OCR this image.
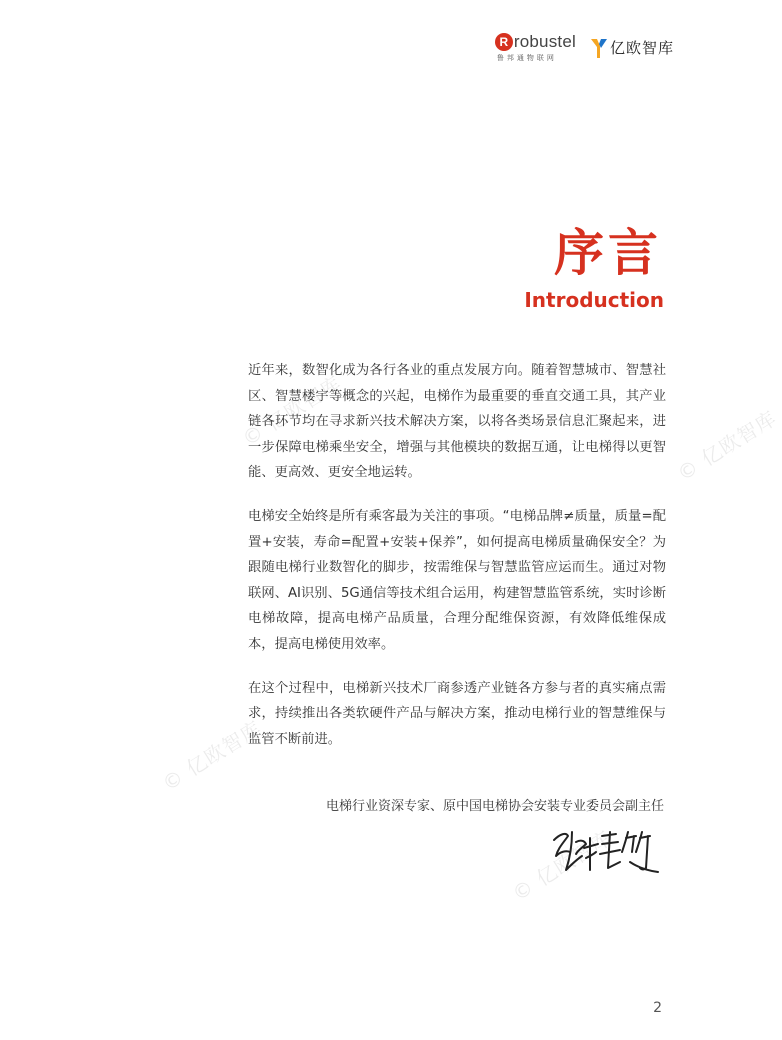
R robustel
鲁邦通物联网
亿欧智库
序言
Introduction

近年来，数智化成为各行各业的重点发展方向。随着智慧城市、智慧社区、智慧楼宇等概念的兴起，电梯作为最重要的垂直交通工具，其产业链各环节均在寻求新兴技术解决方案，以将各类场景信息汇聚起来，进一步保障电梯乘坐安全，增强与其他模块的数据互通，让电梯得以更智能、更高效、更安全地运转。

电梯安全始终是所有乘客最为关注的事项。“电梯品牌≠质量，质量=配置+安装，寿命=配置+安装+保养”，如何提高电梯质量确保安全？为跟随电梯行业数智化的脚步，按需维保与智慧监管应运而生。通过对物联网、AI识别、5G通信等技术组合运用，构建智慧监管系统，实时诊断电梯故障，提高电梯产品质量，合理分配维保资源，有效降低维保成本，提高电梯使用效率。

在这个过程中，电梯新兴技术厂商参透产业链各方参与者的真实痛点需求，持续推出各类软硬件产品与解决方案，推动电梯行业的智慧维保与监管不断前进。

电梯行业资深专家、原中国电梯协会安装专业委员会副主任
© 亿欧智库	© 亿欧智库
© 亿欧智库
© 亿欧智库
2
